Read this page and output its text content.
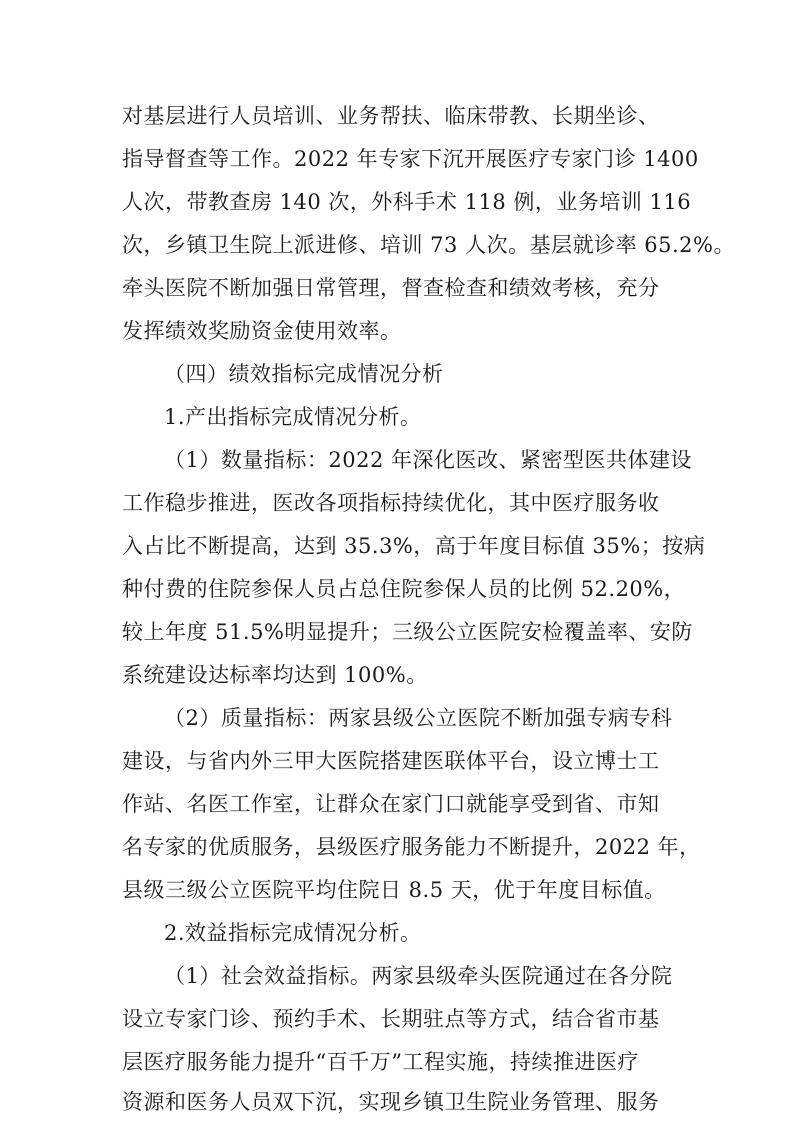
对基层进行人员培训、业务帮扶、临床带教、长期坐诊、
指导督查等工作。2022 年专家下沉开展医疗专家门诊 1400
人次，带教查房 140 次，外科手术 118 例，业务培训 116
次，乡镇卫生院上派进修、培训 73 人次。基层就诊率 65.2%。
牵头医院不断加强日常管理，督查检查和绩效考核，充分
发挥绩效奖励资金使用效率。
（四）绩效指标完成情况分析
1.产出指标完成情况分析。
（1）数量指标：2022 年深化医改、紧密型医共体建设
工作稳步推进，医改各项指标持续优化，其中医疗服务收
入占比不断提高，达到 35.3%，高于年度目标值 35%；按病
种付费的住院参保人员占总住院参保人员的比例 52.20%，
较上年度 51.5%明显提升；三级公立医院安检覆盖率、安防
系统建设达标率均达到 100%。
（2）质量指标：两家县级公立医院不断加强专病专科
建设，与省内外三甲大医院搭建医联体平台，设立博士工
作站、名医工作室，让群众在家门口就能享受到省、市知
名专家的优质服务，县级医疗服务能力不断提升，2022 年，
县级三级公立医院平均住院日 8.5 天，优于年度目标值。
2.效益指标完成情况分析。
（1）社会效益指标。两家县级牵头医院通过在各分院
设立专家门诊、预约手术、长期驻点等方式，结合省市基
层医疗服务能力提升“百千万”工程实施，持续推进医疗
资源和医务人员双下沉，实现乡镇卫生院业务管理、服务
